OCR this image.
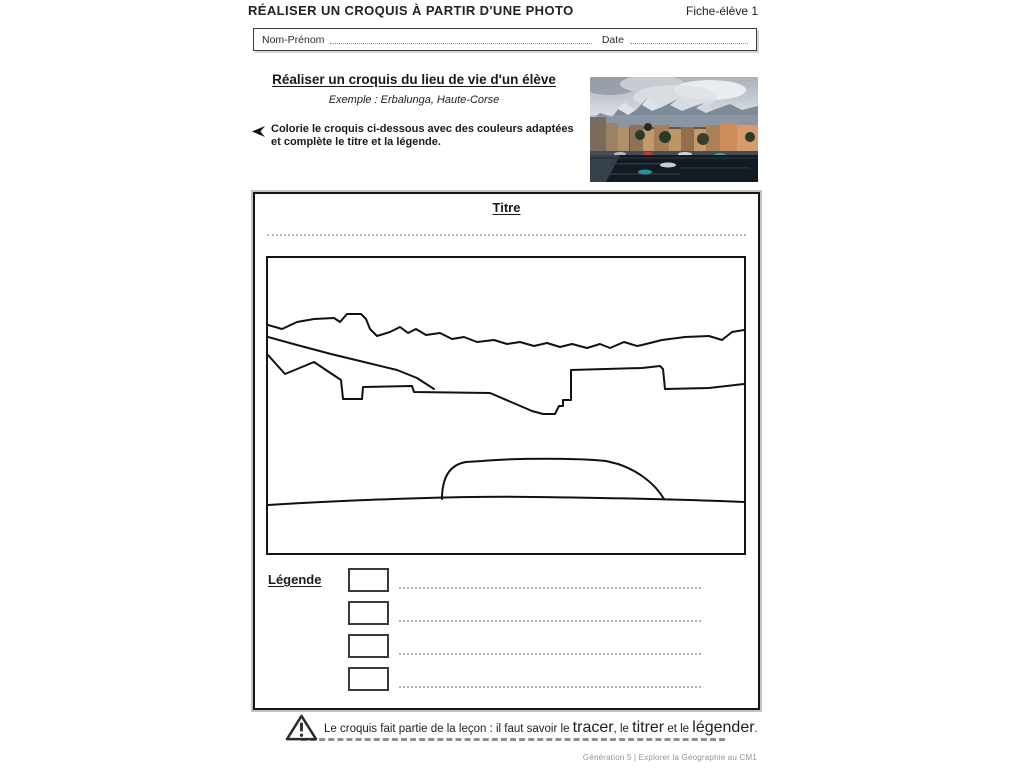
RÉALISER UN CROQUIS À PARTIR D'UNE PHOTO	Fiche-élève 1
Nom-Prénom	Date
Réaliser un croquis du lieu de vie d'un élève
Exemple : Erbalunga, Haute-Corse
Colorie le croquis ci-dessous avec des couleurs adaptées
et complète le titre et la légende.
Titre
Légende
Le croquis fait partie de la leçon : il faut savoir le tracer, le titrer et le légender.
Génération 5 | Explorer la Géographie au CM1
